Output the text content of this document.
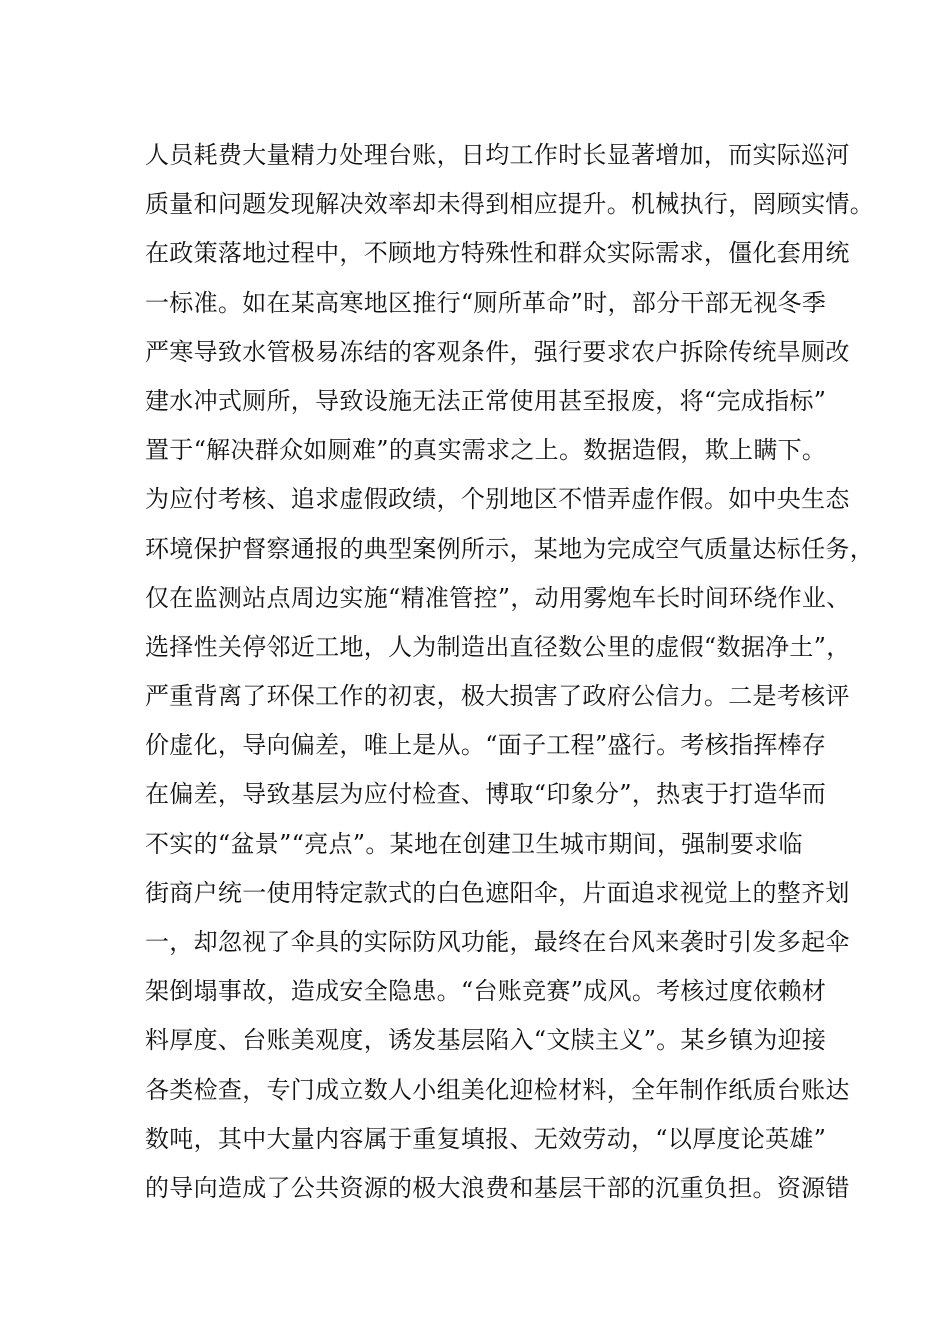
人员耗费大量精力处理台账，日均工作时长显著增加，而实际巡河
质量和问题发现解决效率却未得到相应提升。机械执行，罔顾实情。
在政策落地过程中，不顾地方特殊性和群众实际需求，僵化套用统
一标准。如在某高寒地区推行“厕所革命”时，部分干部无视冬季
严寒导致水管极易冻结的客观条件，强行要求农户拆除传统旱厕改
建水冲式厕所，导致设施无法正常使用甚至报废，将“完成指标”
置于“解决群众如厕难”的真实需求之上。数据造假，欺上瞒下。
为应付考核、追求虚假政绩，个别地区不惜弄虚作假。如中央生态
环境保护督察通报的典型案例所示，某地为完成空气质量达标任务，
仅在监测站点周边实施“精准管控”，动用雾炮车长时间环绕作业、
选择性关停邻近工地，人为制造出直径数公里的虚假“数据净土”，
严重背离了环保工作的初衷，极大损害了政府公信力。二是考核评
价虚化，导向偏差，唯上是从。“面子工程”盛行。考核指挥棒存
在偏差，导致基层为应付检查、博取“印象分”，热衷于打造华而
不实的“盆景”“亮点”。某地在创建卫生城市期间，强制要求临
街商户统一使用特定款式的白色遮阳伞，片面追求视觉上的整齐划
一，却忽视了伞具的实际防风功能，最终在台风来袭时引发多起伞
架倒塌事故，造成安全隐患。“台账竞赛”成风。考核过度依赖材
料厚度、台账美观度，诱发基层陷入“文牍主义”。某乡镇为迎接
各类检查，专门成立数人小组美化迎检材料，全年制作纸质台账达
数吨，其中大量内容属于重复填报、无效劳动，“以厚度论英雄”
的导向造成了公共资源的极大浪费和基层干部的沉重负担。资源错
